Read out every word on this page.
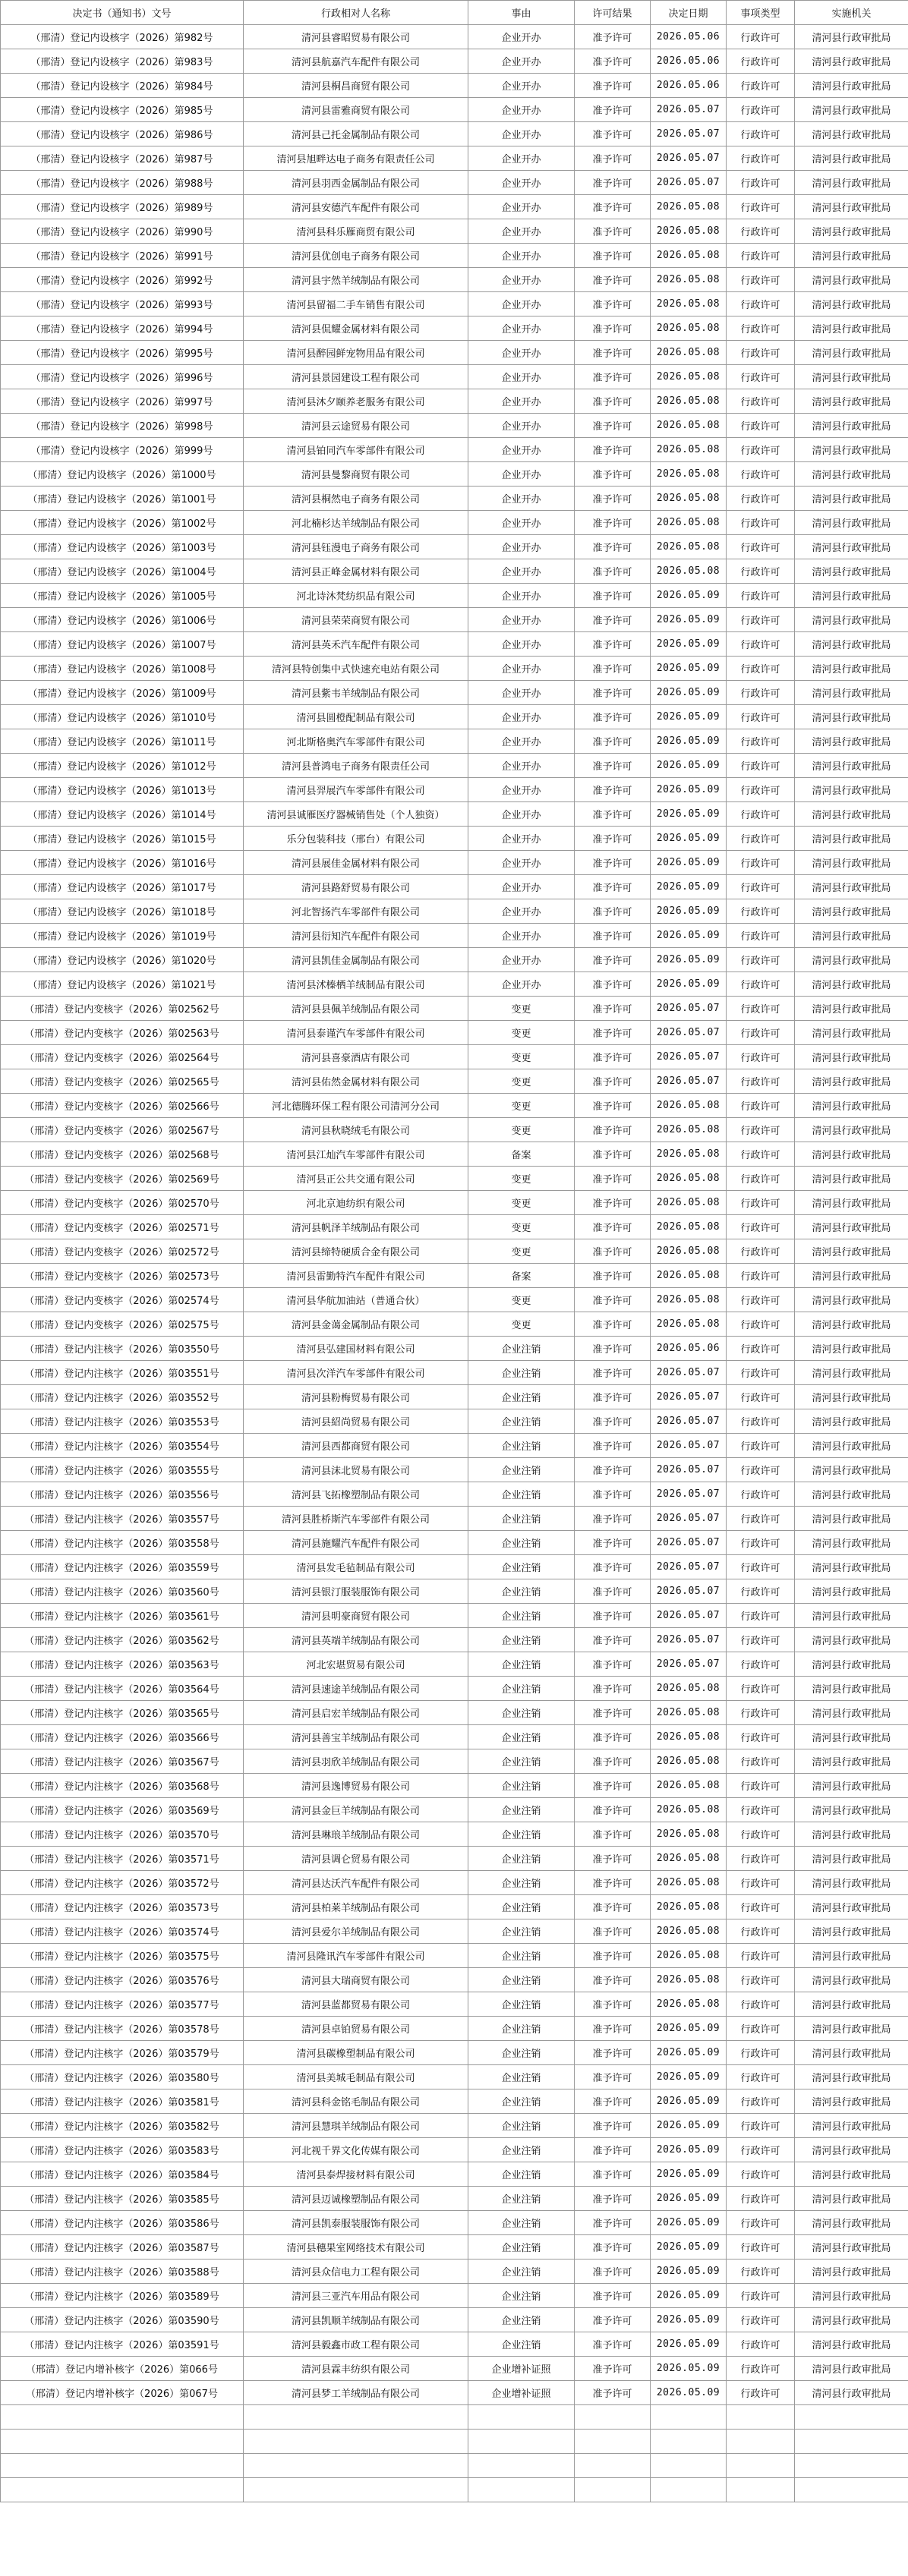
决定书（通知书）文号	行政相对人名称	事由	许可结果	决定日期	事项类型	实施机关
（邢清）登记内设核字（2026）第982号	清河县睿昭贸易有限公司	企业开办	准予许可	2026.05.06	行政许可	清河县行政审批局
（邢清）登记内设核字（2026）第983号	清河县航嘉汽车配件有限公司	企业开办	准予许可	2026.05.06	行政许可	清河县行政审批局
（邢清）登记内设核字（2026）第984号	清河县桐昌商贸有限公司	企业开办	准予许可	2026.05.06	行政许可	清河县行政审批局
（邢清）登记内设核字（2026）第985号	清河县雷雅商贸有限公司	企业开办	准予许可	2026.05.07	行政许可	清河县行政审批局
（邢清）登记内设核字（2026）第986号	清河县己托金属制品有限公司	企业开办	准予许可	2026.05.07	行政许可	清河县行政审批局
（邢清）登记内设核字（2026）第987号	清河县旭畔达电子商务有限责任公司	企业开办	准予许可	2026.05.07	行政许可	清河县行政审批局
（邢清）登记内设核字（2026）第988号	清河县羽西金属制品有限公司	企业开办	准予许可	2026.05.07	行政许可	清河县行政审批局
（邢清）登记内设核字（2026）第989号	清河县安德汽车配件有限公司	企业开办	准予许可	2026.05.08	行政许可	清河县行政审批局
（邢清）登记内设核字（2026）第990号	清河县科乐雁商贸有限公司	企业开办	准予许可	2026.05.08	行政许可	清河县行政审批局
（邢清）登记内设核字（2026）第991号	清河县优创电子商务有限公司	企业开办	准予许可	2026.05.08	行政许可	清河县行政审批局
（邢清）登记内设核字（2026）第992号	清河县宇然羊绒制品有限公司	企业开办	准予许可	2026.05.08	行政许可	清河县行政审批局
（邢清）登记内设核字（2026）第993号	清河县留福二手车销售有限公司	企业开办	准予许可	2026.05.08	行政许可	清河县行政审批局
（邢清）登记内设核字（2026）第994号	清河县侃耀金属材料有限公司	企业开办	准予许可	2026.05.08	行政许可	清河县行政审批局
（邢清）登记内设核字（2026）第995号	清河县醉园鲜宠物用品有限公司	企业开办	准予许可	2026.05.08	行政许可	清河县行政审批局
（邢清）登记内设核字（2026）第996号	清河县景园建设工程有限公司	企业开办	准予许可	2026.05.08	行政许可	清河县行政审批局
（邢清）登记内设核字（2026）第997号	清河县沐夕颐养老服务有限公司	企业开办	准予许可	2026.05.08	行政许可	清河县行政审批局
（邢清）登记内设核字（2026）第998号	清河县云途贸易有限公司	企业开办	准予许可	2026.05.08	行政许可	清河县行政审批局
（邢清）登记内设核字（2026）第999号	清河县铂同汽车零部件有限公司	企业开办	准予许可	2026.05.08	行政许可	清河县行政审批局
（邢清）登记内设核字（2026）第1000号	清河县曼黎商贸有限公司	企业开办	准予许可	2026.05.08	行政许可	清河县行政审批局
（邢清）登记内设核字（2026）第1001号	清河县桐然电子商务有限公司	企业开办	准予许可	2026.05.08	行政许可	清河县行政审批局
（邢清）登记内设核字（2026）第1002号	河北楠杉达羊绒制品有限公司	企业开办	准予许可	2026.05.08	行政许可	清河县行政审批局
（邢清）登记内设核字（2026）第1003号	清河县钰漫电子商务有限公司	企业开办	准予许可	2026.05.08	行政许可	清河县行政审批局
（邢清）登记内设核字（2026）第1004号	清河县正峰金属材料有限公司	企业开办	准予许可	2026.05.08	行政许可	清河县行政审批局
（邢清）登记内设核字（2026）第1005号	河北诗沐梵纺织品有限公司	企业开办	准予许可	2026.05.09	行政许可	清河县行政审批局
（邢清）登记内设核字（2026）第1006号	清河县荣荣商贸有限公司	企业开办	准予许可	2026.05.09	行政许可	清河县行政审批局
（邢清）登记内设核字（2026）第1007号	清河县英禾汽车配件有限公司	企业开办	准予许可	2026.05.09	行政许可	清河县行政审批局
（邢清）登记内设核字（2026）第1008号	清河县特创集中式快速充电站有限公司	企业开办	准予许可	2026.05.09	行政许可	清河县行政审批局
（邢清）登记内设核字（2026）第1009号	清河县紫韦羊绒制品有限公司	企业开办	准予许可	2026.05.09	行政许可	清河县行政审批局
（邢清）登记内设核字（2026）第1010号	清河县圆橙配制品有限公司	企业开办	准予许可	2026.05.09	行政许可	清河县行政审批局
（邢清）登记内设核字（2026）第1011号	河北斯格奥汽车零部件有限公司	企业开办	准予许可	2026.05.09	行政许可	清河县行政审批局
（邢清）登记内设核字（2026）第1012号	清河县普鸿电子商务有限责任公司	企业开办	准予许可	2026.05.09	行政许可	清河县行政审批局
（邢清）登记内设核字（2026）第1013号	清河县羿展汽车零部件有限公司	企业开办	准予许可	2026.05.09	行政许可	清河县行政审批局
（邢清）登记内设核字（2026）第1014号	清河县诚雁医疗器械销售处（个人独资）	企业开办	准予许可	2026.05.09	行政许可	清河县行政审批局
（邢清）登记内设核字（2026）第1015号	乐分包装科技（邢台）有限公司	企业开办	准予许可	2026.05.09	行政许可	清河县行政审批局
（邢清）登记内设核字（2026）第1016号	清河县展佳金属材料有限公司	企业开办	准予许可	2026.05.09	行政许可	清河县行政审批局
（邢清）登记内设核字（2026）第1017号	清河县路舒贸易有限公司	企业开办	准予许可	2026.05.09	行政许可	清河县行政审批局
（邢清）登记内设核字（2026）第1018号	河北智扬汽车零部件有限公司	企业开办	准予许可	2026.05.09	行政许可	清河县行政审批局
（邢清）登记内设核字（2026）第1019号	清河县衍知汽车配件有限公司	企业开办	准予许可	2026.05.09	行政许可	清河县行政审批局
（邢清）登记内设核字（2026）第1020号	清河县凯佳金属制品有限公司	企业开办	准予许可	2026.05.09	行政许可	清河县行政审批局
（邢清）登记内设核字（2026）第1021号	清河县沭榛栖羊绒制品有限公司	企业开办	准予许可	2026.05.09	行政许可	清河县行政审批局
（邢清）登记内变核字（2026）第02562号	清河县县佩羊绒制品有限公司	变更	准予许可	2026.05.07	行政许可	清河县行政审批局
（邢清）登记内变核字（2026）第02563号	清河县泰谨汽车零部件有限公司	变更	准予许可	2026.05.07	行政许可	清河县行政审批局
（邢清）登记内变核字（2026）第02564号	清河县喜豪酒店有限公司	变更	准予许可	2026.05.07	行政许可	清河县行政审批局
（邢清）登记内变核字（2026）第02565号	清河县佑然金属材料有限公司	变更	准予许可	2026.05.07	行政许可	清河县行政审批局
（邢清）登记内变核字（2026）第02566号	河北德腾环保工程有限公司清河分公司	变更	准予许可	2026.05.08	行政许可	清河县行政审批局
（邢清）登记内变核字（2026）第02567号	清河县秋晓绒毛有限公司	变更	准予许可	2026.05.08	行政许可	清河县行政审批局
（邢清）登记内变核字（2026）第02568号	清河县江灿汽车零部件有限公司	备案	准予许可	2026.05.08	行政许可	清河县行政审批局
（邢清）登记内变核字（2026）第02569号	清河县正公共交通有限公司	变更	准予许可	2026.05.08	行政许可	清河县行政审批局
（邢清）登记内变核字（2026）第02570号	河北京迪纺织有限公司	变更	准予许可	2026.05.08	行政许可	清河县行政审批局
（邢清）登记内变核字（2026）第02571号	清河县帆泽羊绒制品有限公司	变更	准予许可	2026.05.08	行政许可	清河县行政审批局
（邢清）登记内变核字（2026）第02572号	清河县缔特硬质合金有限公司	变更	准予许可	2026.05.08	行政许可	清河县行政审批局
（邢清）登记内变核字（2026）第02573号	清河县雷勤特汽车配件有限公司	备案	准予许可	2026.05.08	行政许可	清河县行政审批局
（邢清）登记内变核字（2026）第02574号	清河县华航加油站（普通合伙）	变更	准予许可	2026.05.08	行政许可	清河县行政审批局
（邢清）登记内变核字（2026）第02575号	清河县金蔼金属制品有限公司	变更	准予许可	2026.05.08	行政许可	清河县行政审批局
（邢清）登记内注核字（2026）第03550号	清河县弘建国材料有限公司	企业注销	准予许可	2026.05.06	行政许可	清河县行政审批局
（邢清）登记内注核字（2026）第03551号	清河县次洋汽车零部件有限公司	企业注销	准予许可	2026.05.07	行政许可	清河县行政审批局
（邢清）登记内注核字（2026）第03552号	清河县粉梅贸易有限公司	企业注销	准予许可	2026.05.07	行政许可	清河县行政审批局
（邢清）登记内注核字（2026）第03553号	清河县紹尚贸易有限公司	企业注销	准予许可	2026.05.07	行政许可	清河县行政审批局
（邢清）登记内注核字（2026）第03554号	清河县西都商贸有限公司	企业注销	准予许可	2026.05.07	行政许可	清河县行政审批局
（邢清）登记内注核字（2026）第03555号	清河县沫北贸易有限公司	企业注销	准予许可	2026.05.07	行政许可	清河县行政审批局
（邢清）登记内注核字（2026）第03556号	清河县飞拓橡塑制品有限公司	企业注销	准予许可	2026.05.07	行政许可	清河县行政审批局
（邢清）登记内注核字（2026）第03557号	清河县胜桥斯汽车零部件有限公司	企业注销	准予许可	2026.05.07	行政许可	清河县行政审批局
（邢清）登记内注核字（2026）第03558号	清河县施耀汽车配件有限公司	企业注销	准予许可	2026.05.07	行政许可	清河县行政审批局
（邢清）登记内注核字（2026）第03559号	清河县发毛毡制品有限公司	企业注销	准予许可	2026.05.07	行政许可	清河县行政审批局
（邢清）登记内注核字（2026）第03560号	清河县银汀服装服饰有限公司	企业注销	准予许可	2026.05.07	行政许可	清河县行政审批局
（邢清）登记内注核字（2026）第03561号	清河县明豪商贸有限公司	企业注销	准予许可	2026.05.07	行政许可	清河县行政审批局
（邢清）登记内注核字（2026）第03562号	清河县英端羊绒制品有限公司	企业注销	准予许可	2026.05.07	行政许可	清河县行政审批局
（邢清）登记内注核字（2026）第03563号	河北宏堪贸易有限公司	企业注销	准予许可	2026.05.07	行政许可	清河县行政审批局
（邢清）登记内注核字（2026）第03564号	清河县速途羊绒制品有限公司	企业注销	准予许可	2026.05.08	行政许可	清河县行政审批局
（邢清）登记内注核字（2026）第03565号	清河县启宏羊绒制品有限公司	企业注销	准予许可	2026.05.08	行政许可	清河县行政审批局
（邢清）登记内注核字（2026）第03566号	清河县善宝羊绒制品有限公司	企业注销	准予许可	2026.05.08	行政许可	清河县行政审批局
（邢清）登记内注核字（2026）第03567号	清河县羽欣羊绒制品有限公司	企业注销	准予许可	2026.05.08	行政许可	清河县行政审批局
（邢清）登记内注核字（2026）第03568号	清河县逸博贸易有限公司	企业注销	准予许可	2026.05.08	行政许可	清河县行政审批局
（邢清）登记内注核字（2026）第03569号	清河县金巨羊绒制品有限公司	企业注销	准予许可	2026.05.08	行政许可	清河县行政审批局
（邢清）登记内注核字（2026）第03570号	清河县琳琅羊绒制品有限公司	企业注销	准予许可	2026.05.08	行政许可	清河县行政审批局
（邢清）登记内注核字（2026）第03571号	清河县调仑贸易有限公司	企业注销	准予许可	2026.05.08	行政许可	清河县行政审批局
（邢清）登记内注核字（2026）第03572号	清河县达沃汽车配件有限公司	企业注销	准予许可	2026.05.08	行政许可	清河县行政审批局
（邢清）登记内注核字（2026）第03573号	清河县柏莱羊绒制品有限公司	企业注销	准予许可	2026.05.08	行政许可	清河县行政审批局
（邢清）登记内注核字（2026）第03574号	清河县爱尔羊绒制品有限公司	企业注销	准予许可	2026.05.08	行政许可	清河县行政审批局
（邢清）登记内注核字（2026）第03575号	清河县隆讯汽车零部件有限公司	企业注销	准予许可	2026.05.08	行政许可	清河县行政审批局
（邢清）登记内注核字（2026）第03576号	清河县大瑞商贸有限公司	企业注销	准予许可	2026.05.08	行政许可	清河县行政审批局
（邢清）登记内注核字（2026）第03577号	清河县蓝都贸易有限公司	企业注销	准予许可	2026.05.08	行政许可	清河县行政审批局
（邢清）登记内注核字（2026）第03578号	清河县卓铂贸易有限公司	企业注销	准予许可	2026.05.09	行政许可	清河县行政审批局
（邢清）登记内注核字（2026）第03579号	清河县碳橡塑制品有限公司	企业注销	准予许可	2026.05.09	行政许可	清河县行政审批局
（邢清）登记内注核字（2026）第03580号	清河县美城毛制品有限公司	企业注销	准予许可	2026.05.09	行政许可	清河县行政审批局
（邢清）登记内注核字（2026）第03581号	清河县科金铭毛制品有限公司	企业注销	准予许可	2026.05.09	行政许可	清河县行政审批局
（邢清）登记内注核字（2026）第03582号	清河县慧琪羊绒制品有限公司	企业注销	准予许可	2026.05.09	行政许可	清河县行政审批局
（邢清）登记内注核字（2026）第03583号	河北视千界文化传媒有限公司	企业注销	准予许可	2026.05.09	行政许可	清河县行政审批局
（邢清）登记内注核字（2026）第03584号	清河县泰焊接材料有限公司	企业注销	准予许可	2026.05.09	行政许可	清河县行政审批局
（邢清）登记内注核字（2026）第03585号	清河县迈诚橡塑制品有限公司	企业注销	准予许可	2026.05.09	行政许可	清河县行政审批局
（邢清）登记内注核字（2026）第03586号	清河县凯泰服装服饰有限公司	企业注销	准予许可	2026.05.09	行政许可	清河县行政审批局
（邢清）登记内注核字（2026）第03587号	清河县穗果室网络技术有限公司	企业注销	准予许可	2026.05.09	行政许可	清河县行政审批局
（邢清）登记内注核字（2026）第03588号	清河县众信电力工程有限公司	企业注销	准予许可	2026.05.09	行政许可	清河县行政审批局
（邢清）登记内注核字（2026）第03589号	清河县三亚汽车用品有限公司	企业注销	准予许可	2026.05.09	行政许可	清河县行政审批局
（邢清）登记内注核字（2026）第03590号	清河县凯顺羊绒制品有限公司	企业注销	准予许可	2026.05.09	行政许可	清河县行政审批局
（邢清）登记内注核字（2026）第03591号	清河县毅鑫市政工程有限公司	企业注销	准予许可	2026.05.09	行政许可	清河县行政审批局
（邢清）登记内增补核字（2026）第066号	清河县霖丰纺织有限公司	企业增补证照	准予许可	2026.05.09	行政许可	清河县行政审批局
（邢清）登记内增补核字（2026）第067号	清河县梦工羊绒制品有限公司	企业增补证照	准予许可	2026.05.09	行政许可	清河县行政审批局
